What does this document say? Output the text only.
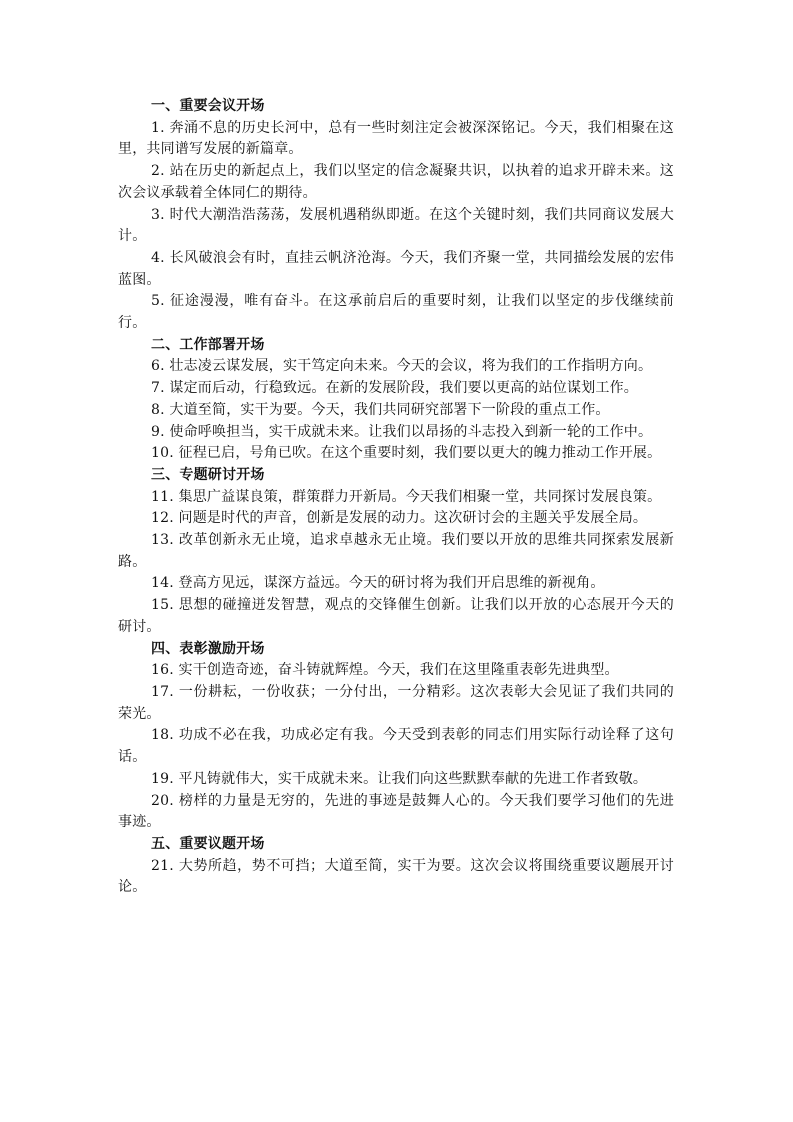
一、重要会议开场

1. 奔涌不息的历史长河中，总有一些时刻注定会被深深铭记。今天，我们相聚在这里，共同谱写发展的新篇章。

2. 站在历史的新起点上，我们以坚定的信念凝聚共识，以执着的追求开辟未来。这次会议承载着全体同仁的期待。

3. 时代大潮浩浩荡荡，发展机遇稍纵即逝。在这个关键时刻，我们共同商议发展大计。

4. 长风破浪会有时，直挂云帆济沧海。今天，我们齐聚一堂，共同描绘发展的宏伟蓝图。

5. 征途漫漫，唯有奋斗。在这承前启后的重要时刻，让我们以坚定的步伐继续前行。

二、工作部署开场

6. 壮志凌云谋发展，实干笃定向未来。今天的会议，将为我们的工作指明方向。

7. 谋定而后动，行稳致远。在新的发展阶段，我们要以更高的站位谋划工作。

8. 大道至简，实干为要。今天，我们共同研究部署下一阶段的重点工作。

9. 使命呼唤担当，实干成就未来。让我们以昂扬的斗志投入到新一轮的工作中。

10. 征程已启，号角已吹。在这个重要时刻，我们要以更大的魄力推动工作开展。

三、专题研讨开场

11. 集思广益谋良策，群策群力开新局。今天我们相聚一堂，共同探讨发展良策。

12. 问题是时代的声音，创新是发展的动力。这次研讨会的主题关乎发展全局。

13. 改革创新永无止境，追求卓越永无止境。我们要以开放的思维共同探索发展新路。

14. 登高方见远，谋深方益远。今天的研讨将为我们开启思维的新视角。

15. 思想的碰撞迸发智慧，观点的交锋催生创新。让我们以开放的心态展开今天的研讨。

四、表彰激励开场

16. 实干创造奇迹，奋斗铸就辉煌。今天，我们在这里隆重表彰先进典型。

17. 一份耕耘，一份收获；一分付出，一分精彩。这次表彰大会见证了我们共同的荣光。

18. 功成不必在我，功成必定有我。今天受到表彰的同志们用实际行动诠释了这句话。

19. 平凡铸就伟大，实干成就未来。让我们向这些默默奉献的先进工作者致敬。

20. 榜样的力量是无穷的，先进的事迹是鼓舞人心的。今天我们要学习他们的先进事迹。

五、重要议题开场

21. 大势所趋，势不可挡；大道至简，实干为要。这次会议将围绕重要议题展开讨论。
